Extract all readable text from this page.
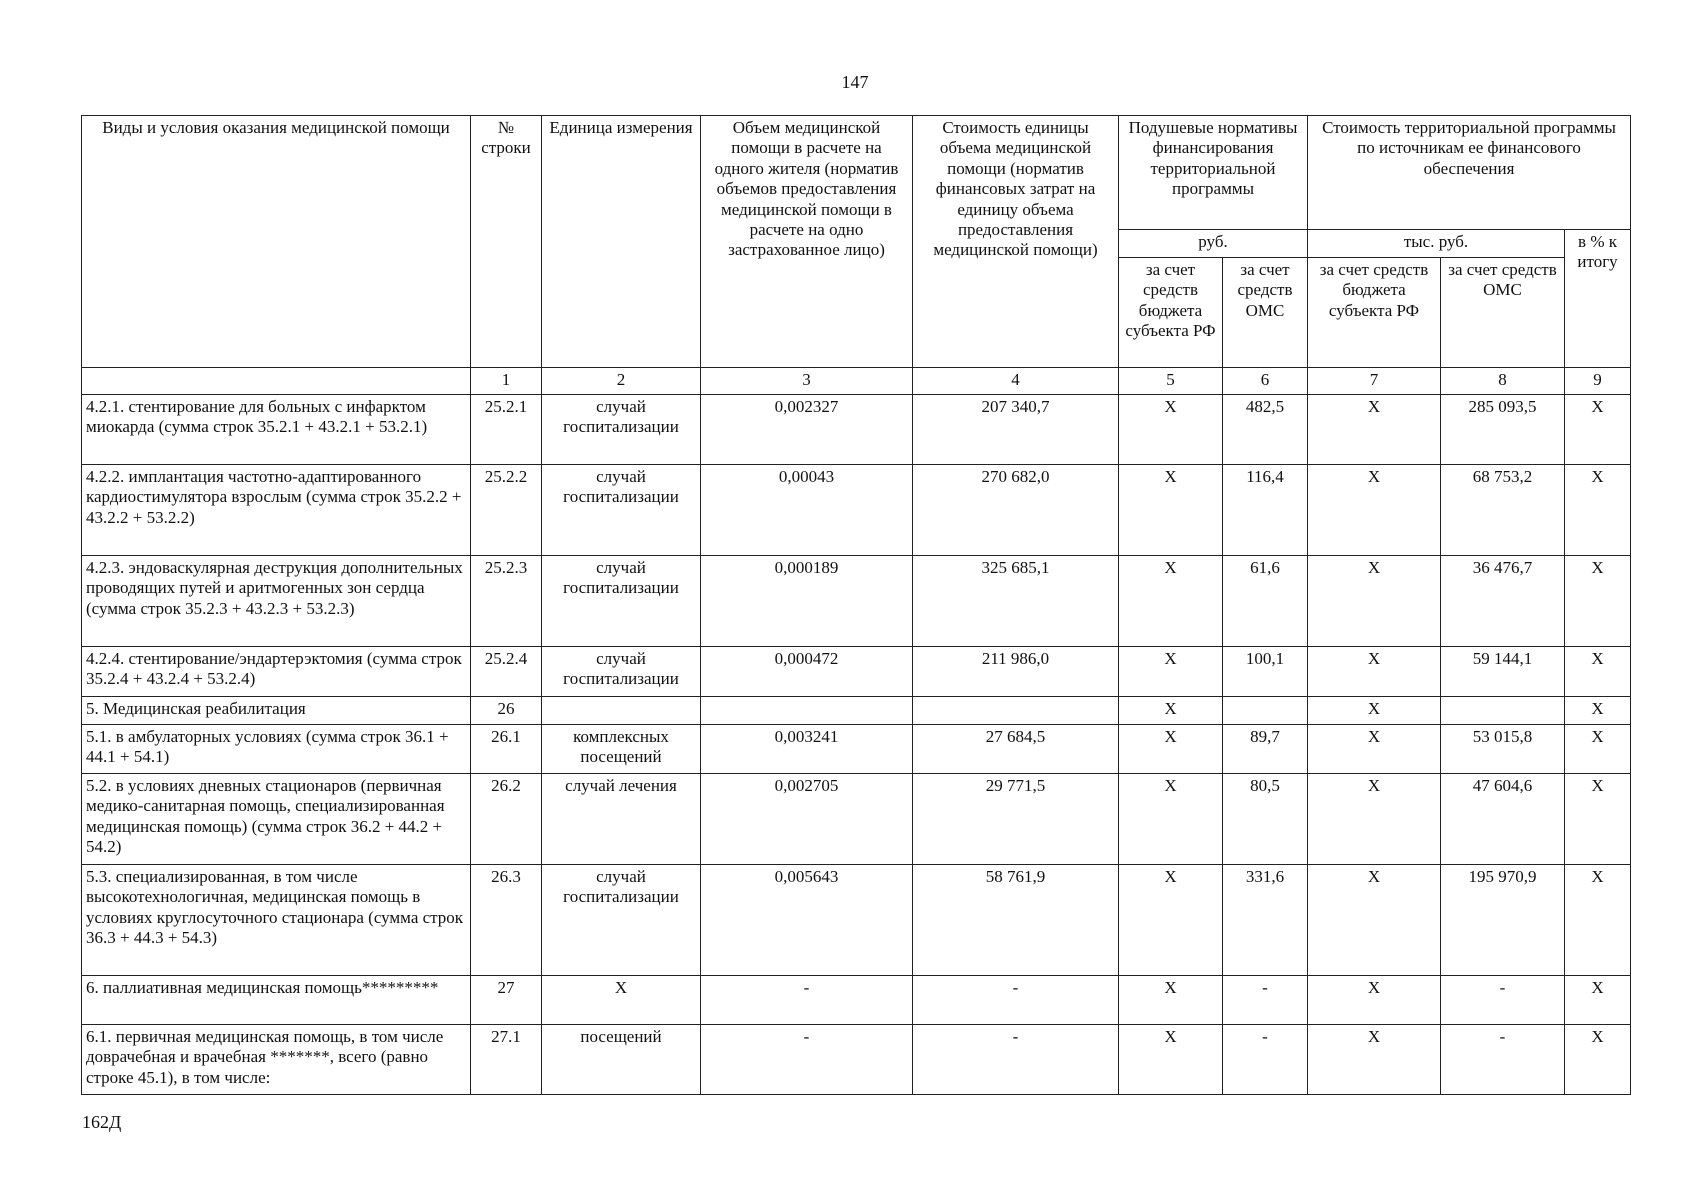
147
Виды и условия оказания медицинской помощи	№ строки	Единица измерения	Объем медицинской помощи в расчете на одного жителя (норматив объемов предоставления медицинской помощи в расчете на одно застрахованное лицо)	Стоимость единицы объема медицинской помощи (норматив финансовых затрат на единицу объема предоставления медицинской помощи)	Подушевые нормативы финансирования территориальной программы		Стоимость территориальной программы по источникам ее финансового обеспечения		
					руб.		тыс. руб.		в % к итогу
					за счет средств бюджета субъекта РФ	за счет средств ОМС	за счет средств бюджета субъекта РФ	за счет средств ОМС	
	1	2	3	4	5	6	7	8	9
4.2.1. стентирование для больных с инфарктом миокарда (сумма строк 35.2.1 + 43.2.1 + 53.2.1)	25.2.1	случай госпитализации	0,002327	207 340,7	X	482,5	X	285 093,5	X
4.2.2. имплантация частотно-адаптированного кардиостимулятора взрослым (сумма строк 35.2.2 + 43.2.2 + 53.2.2)	25.2.2	случай госпитализации	0,00043	270 682,0	X	116,4	X	68 753,2	X
4.2.3. эндоваскулярная деструкция дополнительных проводящих путей и аритмогенных зон сердца (сумма строк 35.2.3 + 43.2.3 + 53.2.3)	25.2.3	случай госпитализации	0,000189	325 685,1	X	61,6	X	36 476,7	X
4.2.4. стентирование/эндартерэктомия (сумма строк 35.2.4 + 43.2.4 + 53.2.4)	25.2.4	случай госпитализации	0,000472	211 986,0	X	100,1	X	59 144,1	X
5. Медицинская реабилитация	26				X		X		X
5.1. в амбулаторных условиях (сумма строк 36.1 + 44.1 + 54.1)	26.1	комплексных посещений	0,003241	27 684,5	X	89,7	X	53 015,8	X
5.2. в условиях дневных стационаров (первичная медико-санитарная помощь, специализированная медицинская помощь) (сумма строк 36.2 + 44.2 + 54.2)	26.2	случай лечения	0,002705	29 771,5	X	80,5	X	47 604,6	X
5.3. специализированная, в том числе высокотехнологичная, медицинская помощь в условиях круглосуточного стационара (сумма строк 36.3 + 44.3 + 54.3)	26.3	случай госпитализации	0,005643	58 761,9	X	331,6	X	195 970,9	X
6. паллиативная медицинская помощь*********	27	X	-	-	X	-	X	-	X
6.1. первичная медицинская помощь, в том числе доврачебная и врачебная *******, всего (равно строке 45.1), в том числе:	27.1	посещений	-	-	X	-	X	-	X
162Д
